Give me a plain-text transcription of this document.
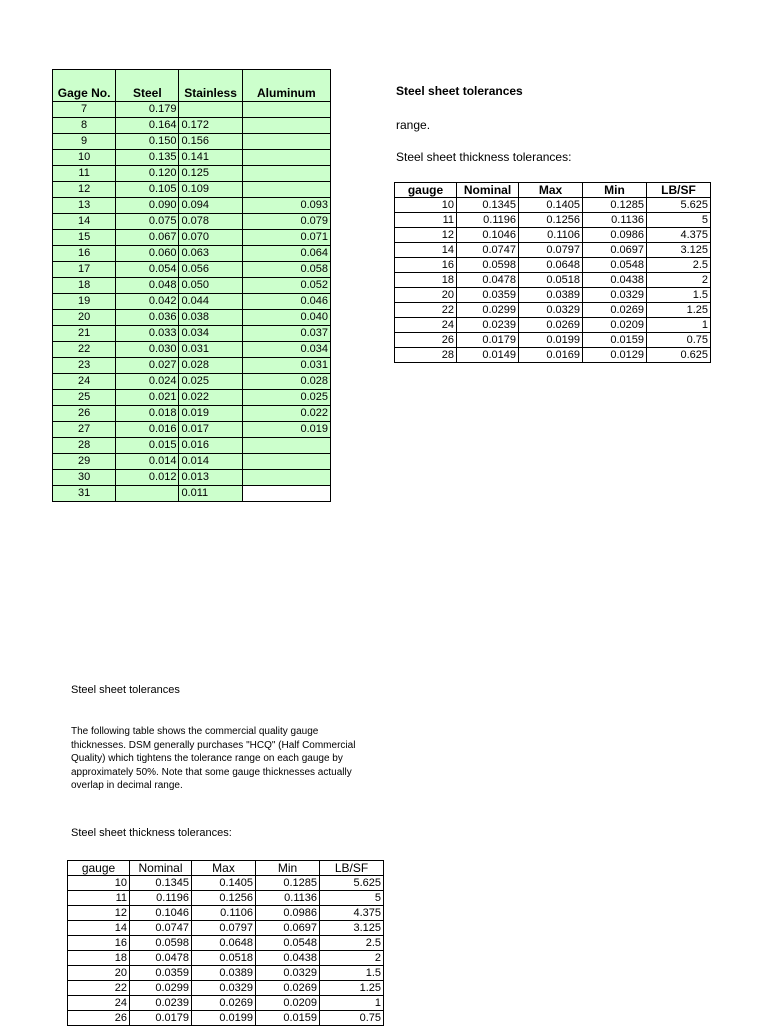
Gage No.	Steel	Stainless	Aluminum
7	0.179		
8	0.164	0.172	
9	0.150	0.156	
10	0.135	0.141	
11	0.120	0.125	
12	0.105	0.109	
13	0.090	0.094	0.093
14	0.075	0.078	0.079
15	0.067	0.070	0.071
16	0.060	0.063	0.064
17	0.054	0.056	0.058
18	0.048	0.050	0.052
19	0.042	0.044	0.046
20	0.036	0.038	0.040
21	0.033	0.034	0.037
22	0.030	0.031	0.034
23	0.027	0.028	0.031
24	0.024	0.025	0.028
25	0.021	0.022	0.025
26	0.018	0.019	0.022
27	0.016	0.017	0.019
28	0.015	0.016	
29	0.014	0.014	
30	0.012	0.013	
31		0.011	
Steel sheet tolerances
range.
Steel sheet thickness tolerances:
gauge	Nominal	Max	Min	LB/SF
10	0.1345	0.1405	0.1285	5.625
11	0.1196	0.1256	0.1136	5
12	0.1046	0.1106	0.0986	4.375
14	0.0747	0.0797	0.0697	3.125
16	0.0598	0.0648	0.0548	2.5
18	0.0478	0.0518	0.0438	2
20	0.0359	0.0389	0.0329	1.5
22	0.0299	0.0329	0.0269	1.25
24	0.0239	0.0269	0.0209	1
26	0.0179	0.0199	0.0159	0.75
28	0.0149	0.0169	0.0129	0.625
Steel sheet tolerances
The following table shows the commercial quality gauge thicknesses. DSM generally purchases "HCQ" (Half Commercial Quality) which tightens the tolerance range on each gauge by approximately 50%. Note that some gauge thicknesses actually overlap in decimal range.
Steel sheet thickness tolerances:
gauge	Nominal	Max	Min	LB/SF
10	0.1345	0.1405	0.1285	5.625
11	0.1196	0.1256	0.1136	5
12	0.1046	0.1106	0.0986	4.375
14	0.0747	0.0797	0.0697	3.125
16	0.0598	0.0648	0.0548	2.5
18	0.0478	0.0518	0.0438	2
20	0.0359	0.0389	0.0329	1.5
22	0.0299	0.0329	0.0269	1.25
24	0.0239	0.0269	0.0209	1
26	0.0179	0.0199	0.0159	0.75
